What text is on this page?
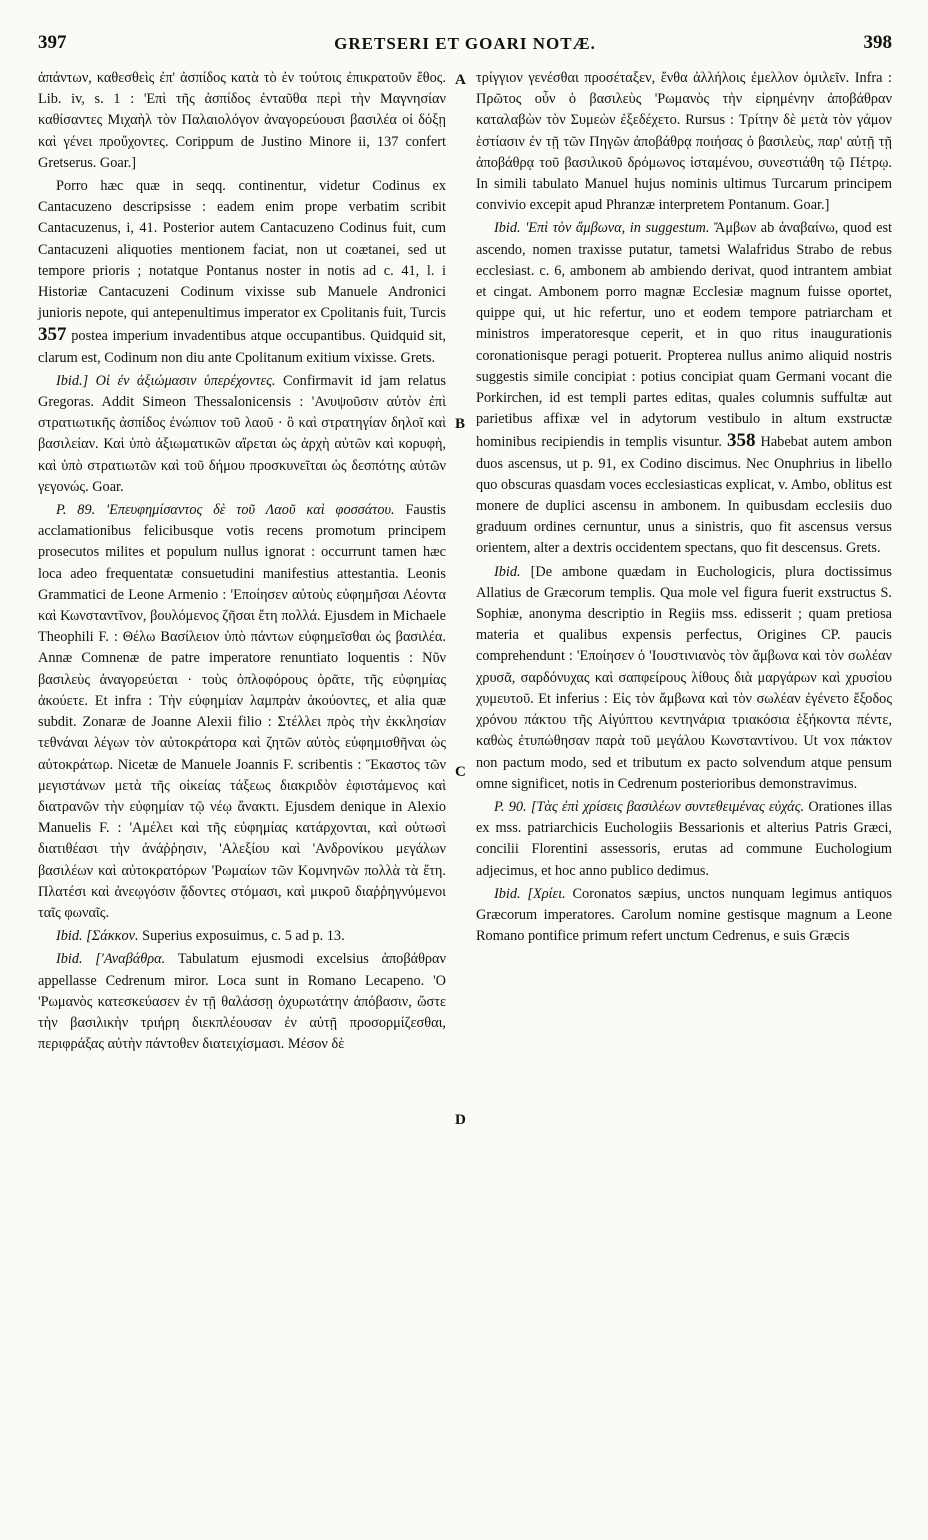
397	GRETSERI ET GOARI NOTÆ.	398
A
B
C
D

ἁπάντων, καθεσθεὶς ἐπ' ἀσπίδος κατὰ τὸ ἐν τούτοις ἐπικρατοῦν ἔθος. Lib. iv, s. 1 : 'Επὶ τῆς ἀσπίδος ἐνταῦθα περὶ τὴν Μαγνησίαν καθίσαντες Μιχαὴλ τὸν Παλαιολόγον ἀναγορεύουσι βασιλέα οἱ δόξῃ καὶ γένει προὔχοντες. Corippum de Justino Minore ii, 137 confert Gretserus. Goar.]

Porro hæc quæ in seqq. continentur, videtur Codinus ex Cantacuzeno descripsisse : eadem enim prope verbatim scribit Cantacuzenus, i, 41. Posterior autem Cantacuzeno Codinus fuit, cum Cantacuzeni aliquoties mentionem faciat, non ut coætanei, sed ut tempore prioris ; notatque Pontanus noster in notis ad c. 41, l. i Historiæ Cantacuzeni Codinum vixisse sub Manuele Andronici junioris nepote, qui antepenultimus imperator ex Cpolitanis fuit, Turcis 357 postea imperium invadentibus atque occupantibus. Quidquid sit, clarum est, Codinum non diu ante Cpolitanum exitium vixisse. Grets.

Ibid.] Οἱ ἐν ἀξιώμασιν ὑπερέχοντες. Confirmavit id jam relatus Gregoras. Addit Simeon Thessalonicensis : 'Ανυψοῦσιν αὐτὸν ἐπὶ στρατιωτικῆς ἀσπίδος ἐνώπιον τοῦ λαοῦ · ὃ καὶ στρατηγίαν δηλοῖ καὶ βασιλείαν. Καὶ ὑπὸ ἀξιωματικῶν αἴρεται ὡς ἀρχὴ αὐτῶν καὶ κορυφὴ, καὶ ὑπὸ στρατιωτῶν καὶ τοῦ δήμου προσκυνεῖται ὡς δεσπότης αὐτῶν γεγονώς. Goar.

P. 89. 'Επευφημίσαντος δὲ τοῦ Λαοῦ καὶ φοσσάτου. Faustis acclamationibus felicibusque votis recens promotum principem prosecutos milites et populum nullus ignorat : occurrunt tamen hæc loca adeo frequentatæ consuetudini manifestius attestantia. Leonis Grammatici de Leone Armenio : 'Εποίησεν αὐτοὺς εὐφημῆσαι Λέοντα καὶ Κωνσταντῖνον, βουλόμενος ζῆσαι ἔτη πολλά. Ejusdem in Michaele Theophili F. : Θέλω Βασίλειον ὑπὸ πάντων εὐφημεῖσθαι ὡς βασιλέα. Annæ Comnenæ de patre imperatore renuntiato loquentis : Νῦν βασιλεὺς ἀναγορεύεται · τοὺς ὁπλοφόρους ὁρᾶτε, τῆς εὐφημίας ἀκούετε. Et infra : Τὴν εὐφημίαν λαμπρὰν ἀκούοντες, et alia quæ subdit. Zonaræ de Joanne Alexii filio : Στέλλει πρὸς τὴν ἐκκλησίαν τεθνάναι λέγων τὸν αὐτοκράτορα καὶ ζητῶν αὐτὸς εὐφημισθῆναι ὡς αὐτοκράτωρ. Nicetæ de Manuele Joannis F. scribentis : Ἕκαστος τῶν μεγιστάνων μετὰ τῆς οἰκείας τάξεως διακριδὸν ἐφιστάμενος καὶ διατρανῶν τὴν εὐφημίαν τῷ νέῳ ἄνακτι. Ejusdem denique in Alexio Manuelis F. : 'Αμέλει καὶ τῆς εὐφημίας κατάρχονται, καὶ οὑτωσὶ διατιθέασι τὴν ἀνάῤῥησιν, 'Αλεξίου καὶ 'Ανδρονίκου μεγάλων βασιλέων καὶ αὐτοκρατόρων 'Ρωμαίων τῶν Κομνηνῶν πολλὰ τὰ ἔτη. Πλατέσι καὶ ἀνεῳγόσιν ᾄδοντες στόμασι, καὶ μικροῦ διαῤῥηγνύμενοι ταῖς φωναῖς.

Ibid. [Σάκκον. Superius exposuimus, c. 5 ad p. 13.

Ibid. ['Αναβάθρα. Tabulatum ejusmodi excelsius ἀποβάθραν appellasse Cedrenum miror. Loca sunt in Romano Lecapeno. 'Ο 'Ρωμανὸς κατεσκεύασεν ἐν τῇ θαλάσσῃ ὀχυρωτάτην ἀπόβασιν, ὥστε τὴν βασιλικὴν τριήρη διεκπλέουσαν ἐν αὐτῇ προσορμίζεσθαι, περιφράξας αὐτὴν πάντοθεν διατειχίσμασι. Μέσον δὲ

τρίγγιον γενέσθαι προσέταξεν, ἔνθα ἀλλήλοις ἐμελλον ὁμιλεῖν. Infra : Πρῶτος οὖν ὁ βασιλεὺς 'Ρωμανὸς τὴν εἰρημένην ἀποβάθραν καταλαβὼν τὸν Συμεὼν ἐξεδέχετο. Rursus : Τρίτην δὲ μετὰ τὸν γάμον ἑστίασιν ἐν τῇ τῶν Πηγῶν ἀποβάθρᾳ ποιήσας ὁ βασιλεὺς, παρ' αὐτῇ τῇ ἀποβάθρᾳ τοῦ βασιλικοῦ δρόμωνος ἱσταμένου, συνεστιάθη τῷ Πέτρῳ. In simili tabulato Manuel hujus nominis ultimus Turcarum principem convivio excepit apud Phranzæ interpretem Pontanum. Goar.]

Ibid. 'Επὶ τὸν ἄμβωνα, in suggestum. Ἄμβων ab ἀναβαίνω, quod est ascendo, nomen traxisse putatur, tametsi Walafridus Strabo de rebus ecclesiast. c. 6, ambonem ab ambiendo derivat, quod intrantem ambiat et cingat. Ambonem porro magnæ Ecclesiæ magnum fuisse oportet, quippe qui, ut hic refertur, uno et eodem tempore patriarcham et ministros imperatoresque ceperit, et in quo ritus inaugurationis coronationisque peragi potuerit. Propterea nullus animo aliquid nostris suggestis simile concipiat : potius concipiat quam Germani vocant die Porkirchen, id est templi partes editas, quales columnis suffultæ aut parietibus affixæ vel in adytorum vestibulo in altum exstructæ hominibus recipiendis in templis visuntur. 358 Habebat autem ambon duos ascensus, ut p. 91, ex Codino discimus. Nec Onuphrius in libello quo obscuras quasdam voces ecclesiasticas explicat, v. Ambo, oblitus est monere de duplici ascensu in ambonem. In quibusdam ecclesiis duo graduum ordines cernuntur, unus a sinistris, quo fit ascensus versus orientem, alter a dextris occidentem spectans, quo fit descensus. Grets.

Ibid. [De ambone quædam in Euchologicis, plura doctissimus Allatius de Græcorum templis. Qua mole vel figura fuerit exstructus S. Sophiæ, anonyma descriptio in Regiis mss. edisserit ; quam pretiosa materia et qualibus expensis perfectus, Origines CP. paucis comprehendunt : 'Εποίησεν ὁ 'Ιουστινιανὸς τὸν ἄμβωνα καὶ τὸν σωλέαν χρυσᾶ, σαρδόνυχας καὶ σαπφείρους λίθους διὰ μαργάρων καὶ χρυσίου χυμευτοῦ. Et inferius : Εἰς τὸν ἄμβωνα καὶ τὸν σωλέαν ἐγένετο ἔξοδος χρόνου πάκτου τῆς Αἰγύπτου κεντηνάρια τριακόσια ἑξήκοντα πέντε, καθὼς ἐτυπώθησαν παρὰ τοῦ μεγάλου Κωνσταντίνου. Ut vox πάκτον non pactum modo, sed et tributum ex pacto solvendum atque pensum omne significet, notis in Cedrenum posterioribus demonstravimus.

P. 90. [Τὰς ἐπὶ χρίσεις βασιλέων συντεθειμένας εὐχάς. Orationes illas ex mss. patriarchicis Euchologiis Bessarionis et alterius Patris Græci, concilii Florentini assessoris, erutas ad commune Euchologium adjecimus, et hoc anno publico dedimus.

Ibid. [Χρίει. Coronatos sæpius, unctos nunquam legimus antiquos Græcorum imperatores. Carolum nomine gestisque magnum a Leone Romano pontifice primum refert unctum Cedrenus, e suis Græcis
